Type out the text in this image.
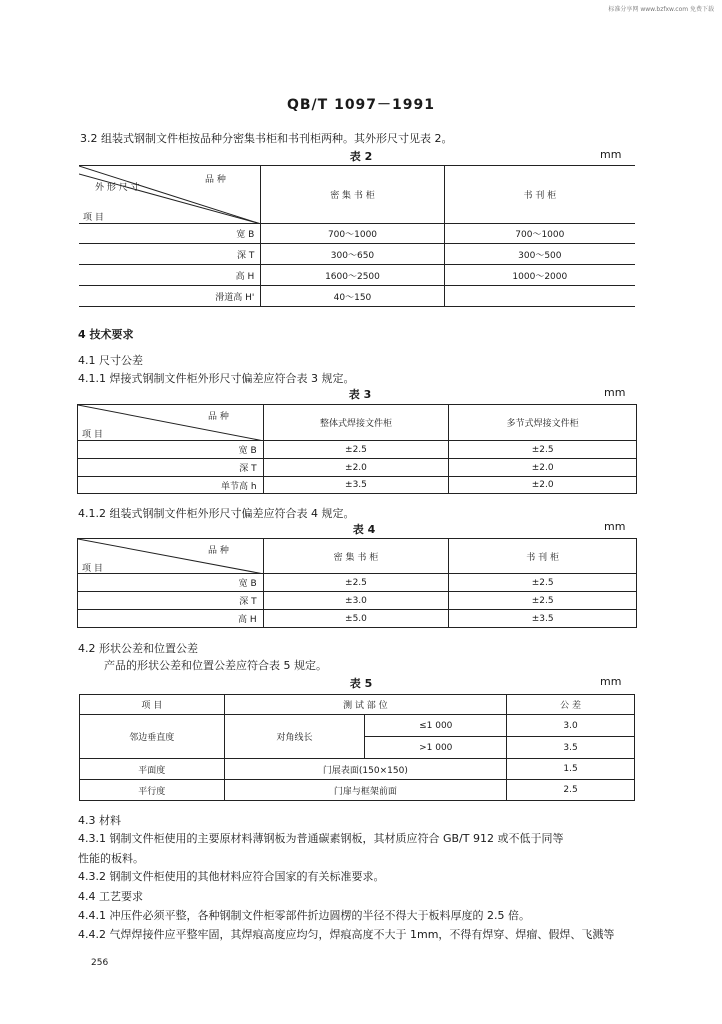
标准分享网 www.bzfxw.com 免费下载
QB/T 1097－1991
3.2 组装式钢制文件柜按品种分密集书柜和书刊柜两种。其外形尺寸见表 2。
表 2	mm
品 种
外 形 尺 寸
项 目	密 集 书 柜	书 刊 柜
宽 B	700～1000	700～1000
深 T	300～650	300～500
高 H	1600～2500	1000～2000
滑道高 H'	40～150	
4 技术要求
4.1 尺寸公差
4.1.1 焊接式钢制文件柜外形尺寸偏差应符合表 3 规定。
表 3	mm
品 种
项 目	整体式焊接文件柜	多节式焊接文件柜
宽 B	±2.5	±2.5
深 T	±2.0	±2.0
单节高 h	±3.5	±2.0
4.1.2 组装式钢制文件柜外形尺寸偏差应符合表 4 规定。
表 4	mm
品 种
项 目	密 集 书 柜	书 刊 柜
宽 B	±2.5	±2.5
深 T	±3.0	±2.5
高 H	±5.0	±3.5
4.2 形状公差和位置公差
产品的形状公差和位置公差应符合表 5 规定。
表 5	mm
项 目	测 试 部 位		公 差
邻边垂直度	对角线长	≤1 000	3.0
		>1 000	3.5
平面度	门展表面(150×150)		1.5
平行度	门扉与框架前面		2.5
4.3 材料
4.3.1 钢制文件柜使用的主要原材料薄钢板为普通碳素钢板，其材质应符合 GB/T 912 或不低于同等
性能的板料。
4.3.2 钢制文件柜使用的其他材料应符合国家的有关标准要求。
4.4 工艺要求
4.4.1 冲压件必须平整，各种钢制文件柜零部件折边圆楞的半径不得大于板料厚度的 2.5 倍。
4.4.2 气焊焊接件应平整牢固，其焊痕高度应均匀，焊痕高度不大于 1mm，不得有焊穿、焊瘤、假焊、飞溅等
256
